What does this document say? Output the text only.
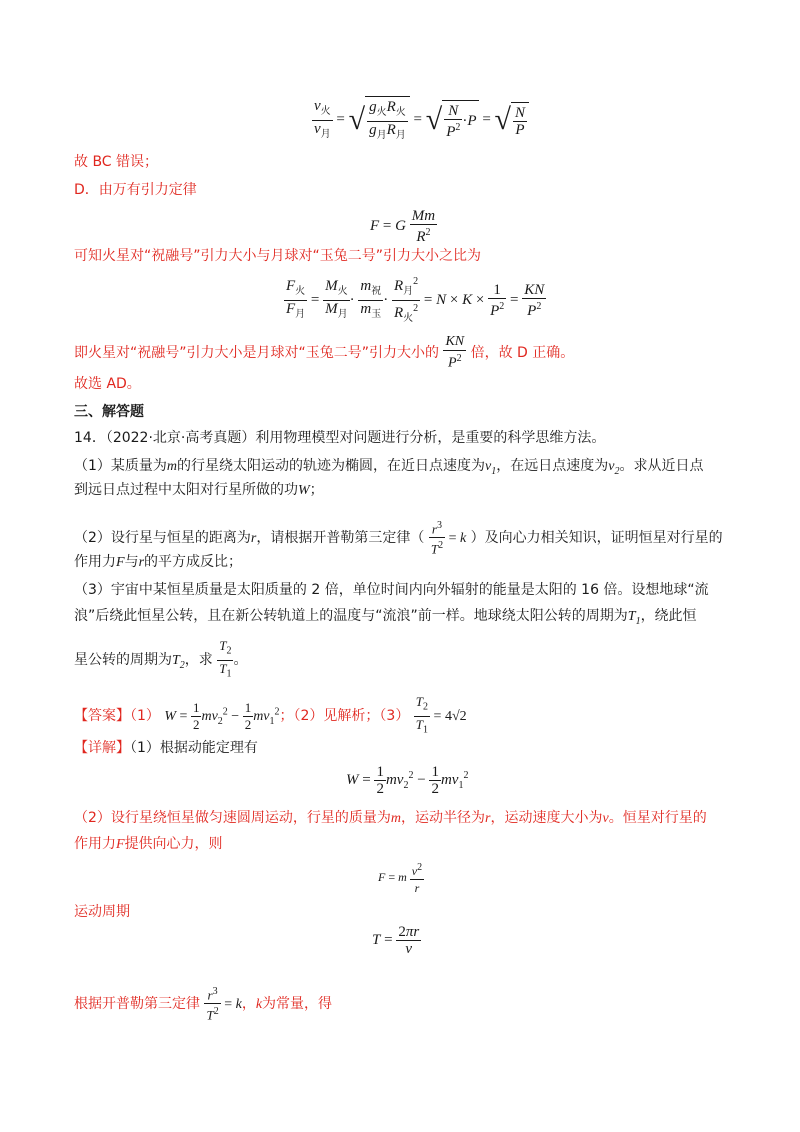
$\frac{v_火}{v_月}$ = √ $\frac{g_火R_火}{g_月R_月}$ = √ $\frac{N}{P^2} \cdot P$ = √ $\frac{N}{P}$
故 BC 错误；
D．由万有引力定律
F = G $\frac{Mm}{R^2}$
可知火星对“祝融号”引力大小与月球对“玉兔二号”引力大小之比为
$\frac{F_火}{F_月} = \frac{M_火}{M_月} \cdot \frac{m_祝}{m_玉} \cdot \frac{R_月^2}{R_火^2} = N \times K \times \frac{1}{P^2} = \frac{KN}{P^2}$
即火星对“祝融号”引力大小是月球对“玉兔二号”引力大小的 $\frac{KN}{P^2}$ 倍，故 D 正确。
故选 AD。
三、解答题
14．（2022·北京·高考真题）利用物理模型对问题进行分析，是重要的科学思维方法。
（1）某质量为m的行星绕太阳运动的轨迹为椭圆，在近日点速度为$v_1$，在远日点速度为$v_2$。求从近日点
到远日点过程中太阳对行星所做的功W；
（2）设行星与恒星的距离为r，请根据开普勒第三定律（ $\frac{r^3}{T^2} = k$ ）及向心力相关知识，证明恒星对行星的
作用力F与r的平方成反比；
（3）宇宙中某恒星质量是太阳质量的 2 倍，单位时间内向外辐射的能量是太阳的 16 倍。设想地球“流
浪”后绕此恒星公转，且在新公转轨道上的温度与“流浪”前一样。地球绕太阳公转的周期为$T_1$，绕此恒
星公转的周期为$T_2$，求 $\frac{T_2}{T_1}$ 。
【答案】（1） $W = \frac{1}{2} mv_2^2 - \frac{1}{2} mv_1^2$；（2）见解析；$(3) \frac{T_2}{T_1} = 4√2$
【详解】（1）根据动能定理有
$W = \frac{1}{2} mv_2^2 - \frac{1}{2} mv_1^2$
（2）设行星绕恒星做匀速圆周运动，行星的质量为m，运动半径为r，运动速度大小为v。恒星对行星的
作用力F提供向心力，则
F = m $\frac{v^2}{r}$
运动周期
$T = \frac{2\pi r}{v}$
根据开普勒第三定律 $\frac{r^3}{T^2} = k$，k为常量，得
